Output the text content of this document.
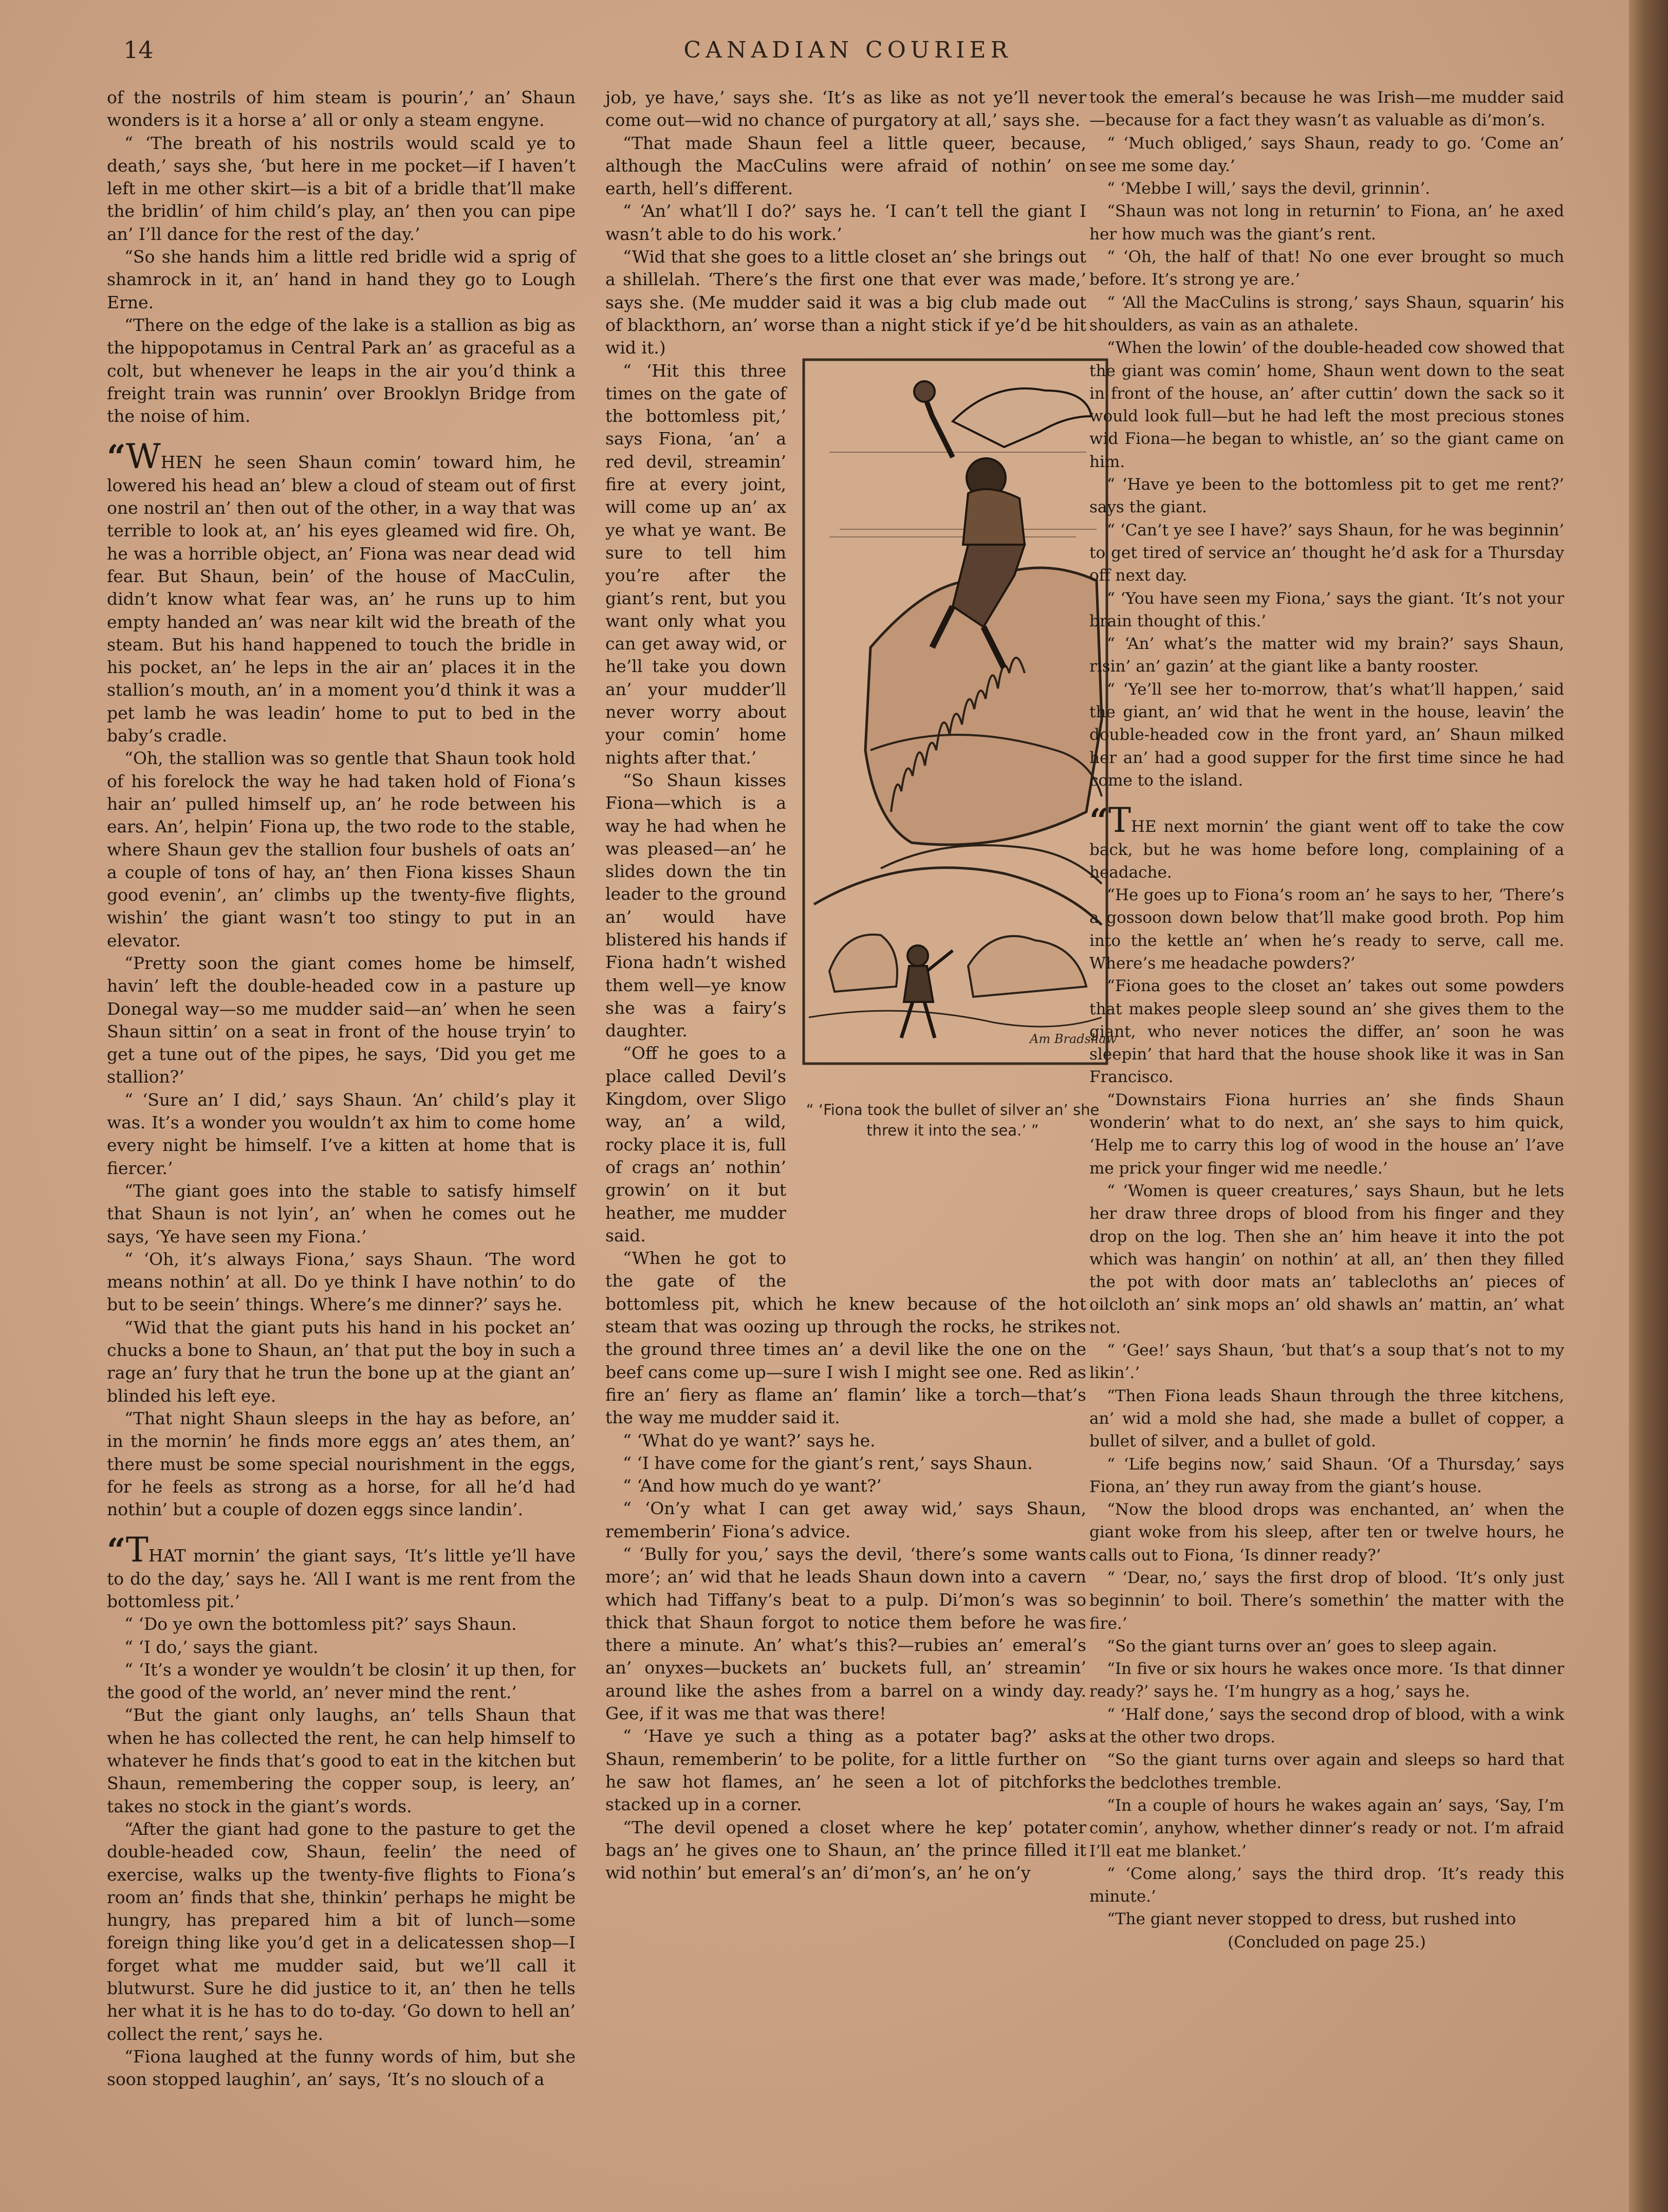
14	CANADIAN COURIER

of the nostrils of him steam is pourin’,’ an’ Shaun wonders is it a horse a’ all or only a steam engyne.

“ ‘The breath of his nostrils would scald ye to death,’ says she, ‘but here in me pocket—if I haven’t left in me other skirt—is a bit of a bridle that’ll make the bridlin’ of him child’s play, an’ then you can pipe an’ I’ll dance for the rest of the day.’

“So she hands him a little red bridle wid a sprig of shamrock in it, an’ hand in hand they go to Lough Erne.

“There on the edge of the lake is a stallion as big as the hippopotamus in Central Park an’ as graceful as a colt, but whenever he leaps in the air you’d think a freight train was runnin’ over Brooklyn Bridge from the noise of him.

“WHEN he seen Shaun comin’ toward him, he lowered his head an’ blew a cloud of steam out of first one nostril an’ then out of the other, in a way that was terrible to look at, an’ his eyes gleamed wid fire. Oh, he was a horrible object, an’ Fiona was near dead wid fear. But Shaun, bein’ of the house of MacCulin, didn’t know what fear was, an’ he runs up to him empty handed an’ was near kilt wid the breath of the steam. But his hand happened to touch the bridle in his pocket, an’ he leps in the air an’ places it in the stallion’s mouth, an’ in a moment you’d think it was a pet lamb he was leadin’ home to put to bed in the baby’s cradle.

“Oh, the stallion was so gentle that Shaun took hold of his forelock the way he had taken hold of Fiona’s hair an’ pulled himself up, an’ he rode between his ears. An’, helpin’ Fiona up, the two rode to the stable, where Shaun gev the stallion four bushels of oats an’ a couple of tons of hay, an’ then Fiona kisses Shaun good evenin’, an’ climbs up the twenty-five flights, wishin’ the giant wasn’t too stingy to put in an elevator.

“Pretty soon the giant comes home be himself, havin’ left the double-headed cow in a pasture up Donegal way—so me mudder said—an’ when he seen Shaun sittin’ on a seat in front of the house tryin’ to get a tune out of the pipes, he says, ‘Did you get me stallion?’

“ ‘Sure an’ I did,’ says Shaun. ‘An’ child’s play it was. It’s a wonder you wouldn’t ax him to come home every night be himself. I’ve a kitten at home that is fiercer.’

“The giant goes into the stable to satisfy himself that Shaun is not lyin’, an’ when he comes out he says, ‘Ye have seen my Fiona.’

“ ‘Oh, it’s always Fiona,’ says Shaun. ‘The word means nothin’ at all. Do ye think I have nothin’ to do but to be seein’ things. Where’s me dinner?’ says he.

“Wid that the giant puts his hand in his pocket an’ chucks a bone to Shaun, an’ that put the boy in such a rage an’ fury that he trun the bone up at the giant an’ blinded his left eye.

“That night Shaun sleeps in the hay as before, an’ in the mornin’ he finds more eggs an’ ates them, an’ there must be some special nourishment in the eggs, for he feels as strong as a horse, for all he’d had nothin’ but a couple of dozen eggs since landin’.

“THAT mornin’ the giant says, ‘It’s little ye’ll have to do the day,’ says he. ‘All I want is me rent from the bottomless pit.’

“ ‘Do ye own the bottomless pit?’ says Shaun.

“ ‘I do,’ says the giant.

“ ‘It’s a wonder ye wouldn’t be closin’ it up then, for the good of the world, an’ never mind the rent.’

“But the giant only laughs, an’ tells Shaun that when he has collected the rent, he can help himself to whatever he finds that’s good to eat in the kitchen but Shaun, remembering the copper soup, is leery, an’ takes no stock in the giant’s words.

“After the giant had gone to the pasture to get the double-headed cow, Shaun, feelin’ the need of exercise, walks up the twenty-five flights to Fiona’s room an’ finds that she, thinkin’ perhaps he might be hungry, has prepared him a bit of lunch—some foreign thing like you’d get in a delicatessen shop—I forget what me mudder said, but we’ll call it blutwurst. Sure he did justice to it, an’ then he tells her what it is he has to do to-day. ‘Go down to hell an’ collect the rent,’ says he.

“Fiona laughed at the funny words of him, but she soon stopped laughin’, an’ says, ‘It’s no slouch of a

job, ye have,’ says she. ‘It’s as like as not ye’ll never come out—wid no chance of purgatory at all,’ says she.

“That made Shaun feel a little queer, because, although the MacCulins were afraid of nothin’ on earth, hell’s different.

“ ‘An’ what’ll I do?’ says he. ‘I can’t tell the giant I wasn’t able to do his work.’

“Wid that she goes to a little closet an’ she brings out a shillelah. ‘There’s the first one that ever was made,’ says she. (Me mudder said it was a big club made out of blackthorn, an’ worse than a night stick if ye’d be hit wid it.)

Am Bradshaw
“ ‘Fiona took the bullet of silver an’ she threw it into the sea.’ ”

“ ‘Hit this three times on the gate of the bottomless pit,’ says Fiona, ‘an’ a red devil, streamin’ fire at every joint, will come up an’ ax ye what ye want. Be sure to tell him you’re after the giant’s rent, but you want only what you can get away wid, or he’ll take you down an’ your mudder’ll never worry about your comin’ home nights after that.’

“So Shaun kisses Fiona—which is a way he had when he was pleased—an’ he slides down the tin leader to the ground an’ would have blistered his hands if Fiona hadn’t wished them well—ye know she was a fairy’s daughter.

“Off he goes to a place called Devil’s Kingdom, over Sligo way, an’ a wild, rocky place it is, full of crags an’ nothin’ growin’ on it but heather, me mudder said.

“When he got to the gate of the bottomless pit, which he knew because of the hot steam that was oozing up through the rocks, he strikes the ground three times an’ a devil like the one on the beef cans come up—sure I wish I might see one. Red as fire an’ fiery as flame an’ flamin’ like a torch—that’s the way me mudder said it.

“ ‘What do ye want?’ says he.

“ ‘I have come for the giant’s rent,’ says Shaun.

“ ‘And how much do ye want?’

“ ‘On’y what I can get away wid,’ says Shaun, rememberin’ Fiona’s advice.

“ ‘Bully for you,’ says the devil, ‘there’s some wants more’; an’ wid that he leads Shaun down into a cavern which had Tiffany’s beat to a pulp. Di’mon’s was so thick that Shaun forgot to notice them before he was there a minute. An’ what’s this?—rubies an’ emeral’s an’ onyxes—buckets an’ buckets full, an’ streamin’ around like the ashes from a barrel on a windy day. Gee, if it was me that was there!

“ ‘Have ye such a thing as a potater bag?’ asks Shaun, rememberin’ to be polite, for a little further on he saw hot flames, an’ he seen a lot of pitchforks stacked up in a corner.

“The devil opened a closet where he kep’ potater bags an’ he gives one to Shaun, an’ the prince filled it wid nothin’ but emeral’s an’ di’mon’s, an’ he on’y

took the emeral’s because he was Irish—me mudder said—because for a fact they wasn’t as valuable as di’mon’s.

“ ‘Much obliged,’ says Shaun, ready to go. ‘Come an’ see me some day.’

“ ‘Mebbe I will,’ says the devil, grinnin’.

“Shaun was not long in returnin’ to Fiona, an’ he axed her how much was the giant’s rent.

“ ‘Oh, the half of that! No one ever brought so much before. It’s strong ye are.’

“ ‘All the MacCulins is strong,’ says Shaun, squarin’ his shoulders, as vain as an athalete.

“When the lowin’ of the double-headed cow showed that the giant was comin’ home, Shaun went down to the seat in front of the house, an’ after cuttin’ down the sack so it would look full—but he had left the most precious stones wid Fiona—he began to whistle, an’ so the giant came on him.

“ ‘Have ye been to the bottomless pit to get me rent?’ says the giant.

“ ‘Can’t ye see I have?’ says Shaun, for he was beginnin’ to get tired of service an’ thought he’d ask for a Thursday off next day.

“ ‘You have seen my Fiona,’ says the giant. ‘It’s not your brain thought of this.’

“ ‘An’ what’s the matter wid my brain?’ says Shaun, risin’ an’ gazin’ at the giant like a banty rooster.

“ ‘Ye’ll see her to-morrow, that’s what’ll happen,’ said the giant, an’ wid that he went in the house, leavin’ the double-headed cow in the front yard, an’ Shaun milked her an’ had a good supper for the first time since he had come to the island.

“THE next mornin’ the giant went off to take the cow back, but he was home before long, complaining of a headache.

“He goes up to Fiona’s room an’ he says to her, ‘There’s a gossoon down below that’ll make good broth. Pop him into the kettle an’ when he’s ready to serve, call me. Where’s me headache powders?’

“Fiona goes to the closet an’ takes out some powders that makes people sleep sound an’ she gives them to the giant, who never notices the differ, an’ soon he was sleepin’ that hard that the house shook like it was in San Francisco.

“Downstairs Fiona hurries an’ she finds Shaun wonderin’ what to do next, an’ she says to him quick, ‘Help me to carry this log of wood in the house an’ l’ave me prick your finger wid me needle.’

“ ‘Women is queer creatures,’ says Shaun, but he lets her draw three drops of blood from his finger and they drop on the log. Then she an’ him heave it into the pot which was hangin’ on nothin’ at all, an’ then they filled the pot with door mats an’ tablecloths an’ pieces of oilcloth an’ sink mops an’ old shawls an’ mattin, an’ what not.

“ ‘Gee!’ says Shaun, ‘but that’s a soup that’s not to my likin’.’

“Then Fiona leads Shaun through the three kitchens, an’ wid a mold she had, she made a bullet of copper, a bullet of silver, and a bullet of gold.

“ ‘Life begins now,’ said Shaun. ‘Of a Thursday,’ says Fiona, an’ they run away from the giant’s house.

“Now the blood drops was enchanted, an’ when the giant woke from his sleep, after ten or twelve hours, he calls out to Fiona, ‘Is dinner ready?’

“ ‘Dear, no,’ says the first drop of blood. ‘It’s only just beginnin’ to boil. There’s somethin’ the matter with the fire.’

“So the giant turns over an’ goes to sleep again.

“In five or six hours he wakes once more. ‘Is that dinner ready?’ says he. ‘I’m hungry as a hog,’ says he.

“ ‘Half done,’ says the second drop of blood, with a wink at the other two drops.

“So the giant turns over again and sleeps so hard that the bedclothes tremble.

“In a couple of hours he wakes again an’ says, ‘Say, I’m comin’, anyhow, whether dinner’s ready or not. I’m afraid I’ll eat me blanket.’

“ ‘Come along,’ says the third drop. ‘It’s ready this minute.’

“The giant never stopped to dress, but rushed into

(Concluded on page 25.)
